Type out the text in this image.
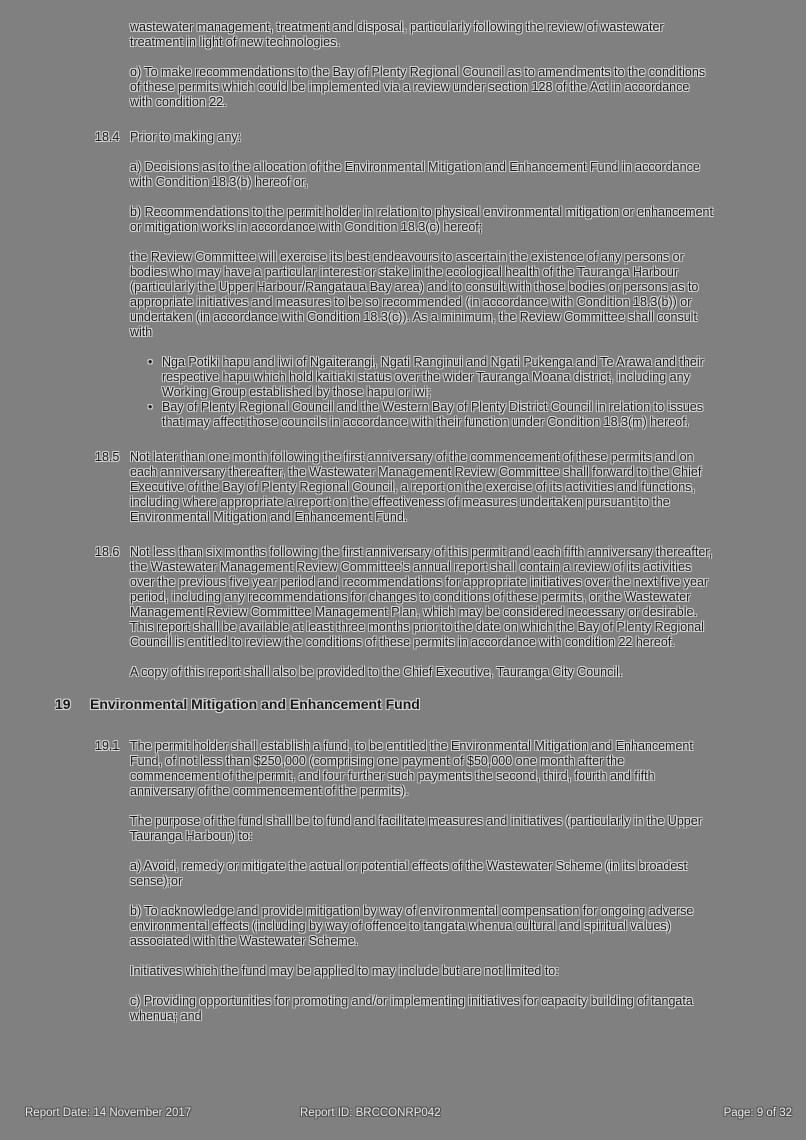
wastewater management, treatment and disposal, particularly following the review of wastewater treatment in light of new technologies.

o) To make recommendations to the Bay of Plenty Regional Council as to amendments to the conditions of these permits which could be implemented via a review under section 128 of the Act in accordance with condition 22.

18.4 Prior to making any:

a) Decisions as to the allocation of the Environmental Mitigation and Enhancement Fund in accordance with Condition 18.3(b) hereof or,

b) Recommendations to the permit holder in relation to physical environmental mitigation or enhancement or mitigation works in accordance with Condition 18.3(c) hereof;

the Review Committee will exercise its best endeavours to ascertain the existence of any persons or bodies who may have a particular interest or stake in the ecological health of the Tauranga Harbour (particularly the Upper Harbour/Rangataua Bay area) and to consult with those bodies or persons as to appropriate initiatives and measures to be so recommended (in accordance with Condition 18.3(b)) or undertaken (in accordance with Condition 18.3(c)). As a minimum, the Review Committee shall consult with

• Nga Potiki hapu and iwi of Ngaiterangi, Ngati Ranginui and Ngati Pukenga and Te Arawa and their respective hapu which hold kaitiaki status over the wider Tauranga Moana district, including any Working Group established by those hapu or iwi;
• Bay of Plenty Regional Council and the Western Bay of Plenty District Council in relation to issues that may affect those councils in accordance with their function under Condition 18.3(m) hereof.
18.5 Not later than one month following the first anniversary of the commencement of these permits and on each anniversary thereafter, the Wastewater Management Review Committee shall forward to the Chief Executive of the Bay of Plenty Regional Council, a report on the exercise of its activities and functions, including where appropriate a report on the effectiveness of measures undertaken pursuant to the Environmental Mitigation and Enhancement Fund.
18.6 Not less than six months following the first anniversary of this permit and each fifth anniversary thereafter, the Wastewater Management Review Committee's annual report shall contain a review of its activities over the previous five year period and recommendations for appropriate initiatives over the next five year period, including any recommendations for changes to conditions of these permits, or the Wastewater Management Review Committee Management Plan, which may be considered necessary or desirable. This report shall be available at least three months prior to the date on which the Bay of Plenty Regional Council is entitled to review the conditions of these permits in accordance with condition 22 hereof.

A copy of this report shall also be provided to the Chief Executive, Tauranga City Council.

19	Environmental Mitigation and Enhancement Fund
19.1 The permit holder shall establish a fund, to be entitled the Environmental Mitigation and Enhancement Fund, of not less than $250,000 (comprising one payment of $50,000 one month after the commencement of the permit, and four further such payments the second, third, fourth and fifth anniversary of the commencement of the permits).

The purpose of the fund shall be to fund and facilitate measures and initiatives (particularly in the Upper Tauranga Harbour) to:

a) Avoid, remedy or mitigate the actual or potential effects of the Wastewater Scheme (in its broadest sense);or

b) To acknowledge and provide mitigation by way of environmental compensation for ongoing adverse environmental effects (including by way of offence to tangata whenua cultural and spiritual values) associated with the Wastewater Scheme.

Initiatives which the fund may be applied to may include but are not limited to:

c) Providing opportunities for promoting and/or implementing initiatives for capacity building of tangata whenua; and

Report Date: 14 November 2017	Report ID: BRCCONRP042	Page: 9 of 32
